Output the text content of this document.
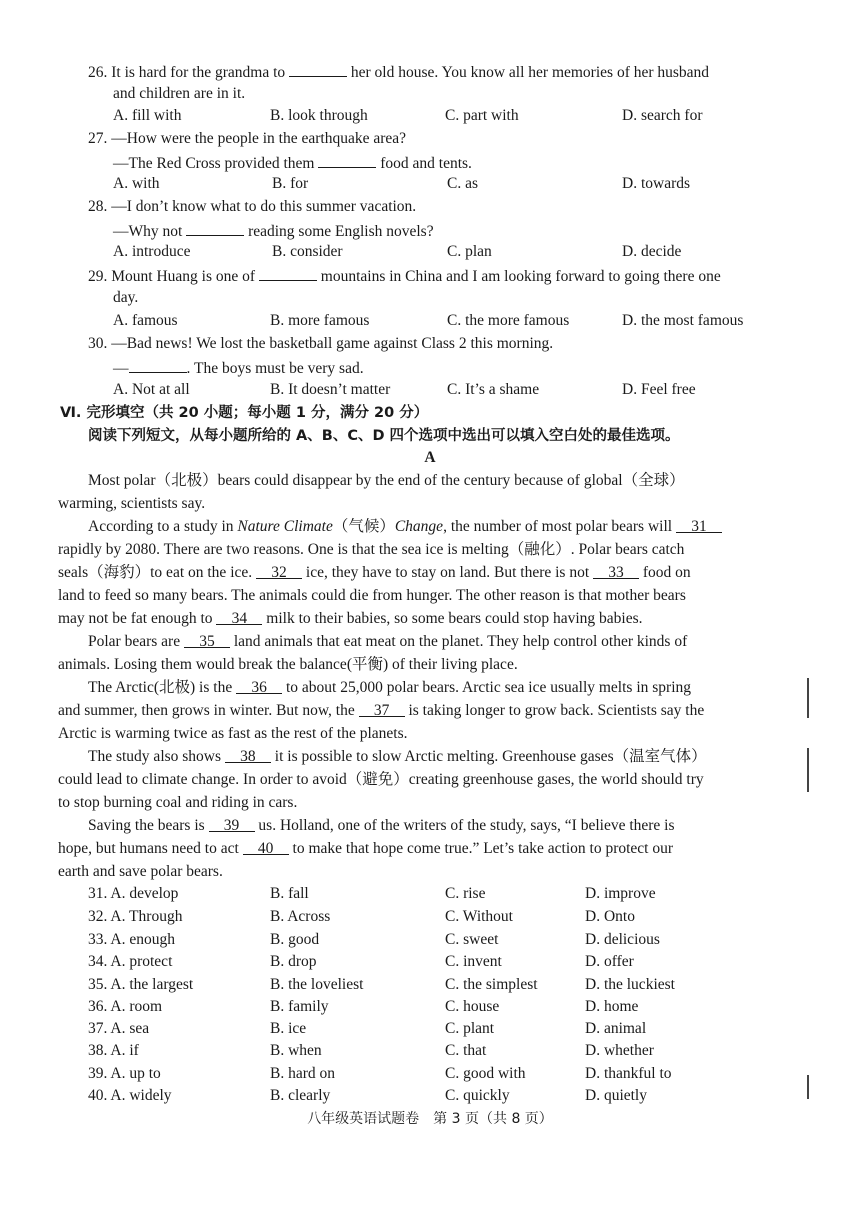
26. It is hard for the grandma to	her old house. You know all her memories of her husband
and children are in it.
A. fill with	B. look through	C. part with	D. search for
27. —How were the people in the earthquake area?
—The Red Cross provided them	food and tents.
A. with	B. for	C. as	D. towards
28. —I don’t know what to do this summer vacation.
—Why not	reading some English novels?
A. introduce	B. consider	C. plan	D. decide
29. Mount Huang is one of	mountains in China and I am looking forward to going there one
day.
A. famous	B. more famous	C. the more famous	D. the most famous
30. —Bad news! We lost the basketball game against Class 2 this morning.
—	. The boys must be very sad.
A. Not at all	B. It doesn’t matter	C. It’s a shame	D. Feel free
Ⅵ. 完形填空（共 20 小题；每小题 1 分，满分 20 分）
阅读下列短文，从每小题所给的 A、B、C、D 四个选项中选出可以填入空白处的最佳选项。
A
Most polar（北极）bears could disappear by the end of the century because of global（全球）
warming, scientists say.
According to a study in Nature Climate（气候）Change, the number of most polar bears will 31
rapidly by 2080. There are two reasons. One is that the sea ice is melting（融化）. Polar bears catch
seals（海豹）to eat on the ice. 32 ice, they have to stay on land. But there is not 33 food on
land to feed so many bears. The animals could die from hunger. The other reason is that mother bears
may not be fat enough to 34 milk to their babies, so some bears could stop having babies.
Polar bears are 35 land animals that eat meat on the planet. They help control other kinds of
animals. Losing them would break the balance(平衡) of their living place.
The Arctic(北极) is the 36 to about 25,000 polar bears. Arctic sea ice usually melts in spring
and summer, then grows in winter. But now, the 37 is taking longer to grow back. Scientists say the
Arctic is warming twice as fast as the rest of the planets.
The study also shows 38 it is possible to slow Arctic melting. Greenhouse gases（温室气体）
could lead to climate change. In order to avoid（避免）creating greenhouse gases, the world should try
to stop burning coal and riding in cars.
Saving the bears is 39 us. Holland, one of the writers of the study, says, “I believe there is
hope, but humans need to act 40 to make that hope come true.” Let’s take action to protect our
earth and save polar bears.
31. A. develop	B. fall	C. rise	D. improve
32. A. Through	B. Across	C. Without	D. Onto
33. A. enough	B. good	C. sweet	D. delicious
34. A. protect	B. drop	C. invent	D. offer
35. A. the largest	B. the loveliest	C. the simplest	D. the luckiest
36. A. room	B. family	C. house	D. home
37. A. sea	B. ice	C. plant	D. animal
38. A. if	B. when	C. that	D. whether
39. A. up to	B. hard on	C. good with	D. thankful to
40. A. widely	B. clearly	C. quickly	D. quietly
八年级英语试题卷　第 3 页（共 8 页）
